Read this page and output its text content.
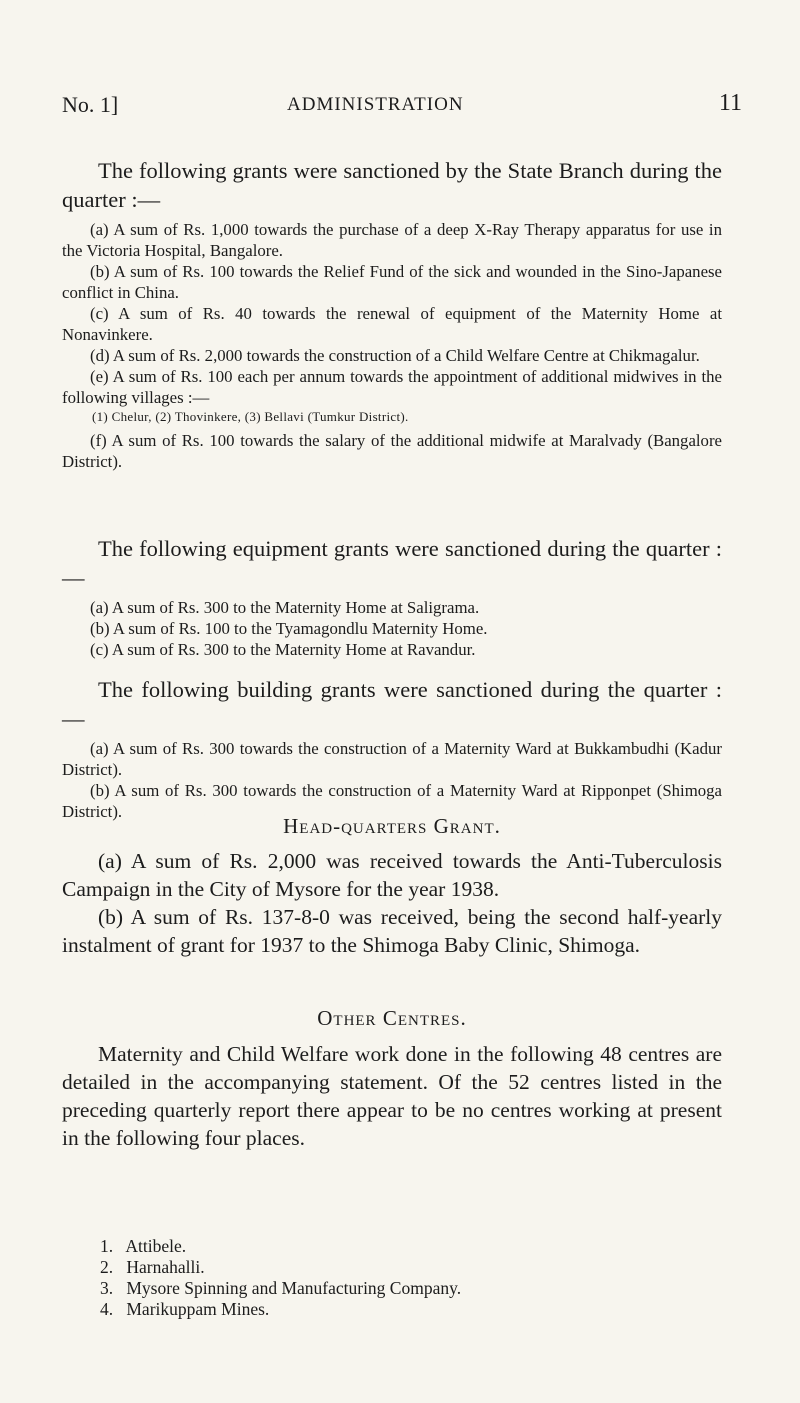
No. 1]	ADMINISTRATION	11

The following grants were sanctioned by the State Branch during the quarter :—

(a) A sum of Rs. 1,000 towards the purchase of a deep X-Ray Therapy apparatus for use in the Victoria Hospital, Bangalore.

(b) A sum of Rs. 100 towards the Relief Fund of the sick and wounded in the Sino-Japanese conflict in China.

(c) A sum of Rs. 40 towards the renewal of equipment of the Maternity Home at Nonavinkere.

(d) A sum of Rs. 2,000 towards the construction of a Child Welfare Centre at Chikmagalur.

(e) A sum of Rs. 100 each per annum towards the appointment of additional midwives in the following villages :—

(1) Chelur, (2) Thovinkere, (3) Bellavi (Tumkur District).

(f) A sum of Rs. 100 towards the salary of the additional midwife at Maralvady (Bangalore District).

The following equipment grants were sanctioned during the quarter :—

(a) A sum of Rs. 300 to the Maternity Home at Saligrama.

(b) A sum of Rs. 100 to the Tyamagondlu Maternity Home.

(c) A sum of Rs. 300 to the Maternity Home at Ravandur.

The following building grants were sanctioned during the quarter : —

(a) A sum of Rs. 300 towards the construction of a Maternity Ward at Bukkambudhi (Kadur District).

(b) A sum of Rs. 300 towards the construction of a Maternity Ward at Ripponpet (Shimoga District).

Head-quarters Grant.

(a) A sum of Rs. 2,000 was received towards the Anti-Tuberculosis Campaign in the City of Mysore for the year 1938.

(b) A sum of Rs. 137-8-0 was received, being the second half-yearly instalment of grant for 1937 to the Shimoga Baby Clinic, Shimoga.

Other Centres.

Maternity and Child Welfare work done in the following 48 centres are detailed in the accompanying statement. Of the 52 centres listed in the preceding quarterly report there appear to be no centres working at present in the following four places.

1. Attibele.
2. Harnahalli.
3. Mysore Spinning and Manufacturing Company.
4. Marikuppam Mines.
